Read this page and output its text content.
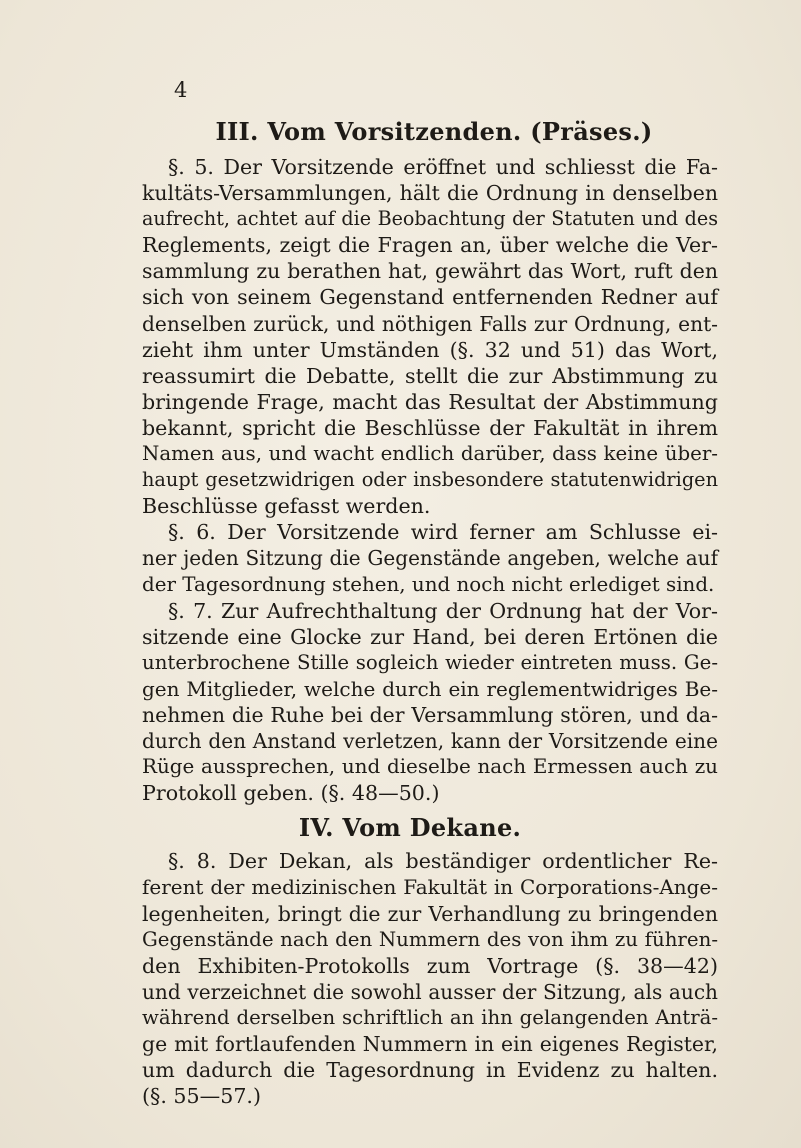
4
III. Vom Vorsitzenden. (Präses.)
§. 5. Der Vorsitzende eröffnet und schliesst die Fa-
kultäts-Versammlungen, hält die Ordnung in denselben
aufrecht, achtet auf die Beobachtung der Statuten und des
Reglements, zeigt die Fragen an, über welche die Ver-
sammlung zu berathen hat, gewährt das Wort, ruft den
sich von seinem Gegenstand entfernenden Redner auf
denselben zurück, und nöthigen Falls zur Ordnung, ent-
zieht ihm unter Umständen (§. 32 und 51) das Wort,
reassumirt die Debatte, stellt die zur Abstimmung zu
bringende Frage, macht das Resultat der Abstimmung
bekannt, spricht die Beschlüsse der Fakultät in ihrem
Namen aus, und wacht endlich darüber, dass keine über-
haupt gesetzwidrigen oder insbesondere statutenwidrigen
Beschlüsse gefasst werden.
§. 6. Der Vorsitzende wird ferner am Schlusse ei-
ner jeden Sitzung die Gegenstände angeben, welche auf
der Tagesordnung stehen, und noch nicht erlediget sind.
§. 7. Zur Aufrechthaltung der Ordnung hat der Vor-
sitzende eine Glocke zur Hand, bei deren Ertönen die
unterbrochene Stille sogleich wieder eintreten muss. Ge-
gen Mitglieder, welche durch ein reglementwidriges Be-
nehmen die Ruhe bei der Versammlung stören, und da-
durch den Anstand verletzen, kann der Vorsitzende eine
Rüge aussprechen, und dieselbe nach Ermessen auch zu
Protokoll geben. (§. 48—50.)
IV. Vom Dekane.
§. 8. Der Dekan, als beständiger ordentlicher Re-
ferent der medizinischen Fakultät in Corporations-Ange-
legenheiten, bringt die zur Verhandlung zu bringenden
Gegenstände nach den Nummern des von ihm zu führen-
den Exhibiten-Protokolls zum Vortrage (§. 38—42)
und verzeichnet die sowohl ausser der Sitzung, als auch
während derselben schriftlich an ihn gelangenden Anträ-
ge mit fortlaufenden Nummern in ein eigenes Register,
um dadurch die Tagesordnung in Evidenz zu halten.
(§. 55—57.)
